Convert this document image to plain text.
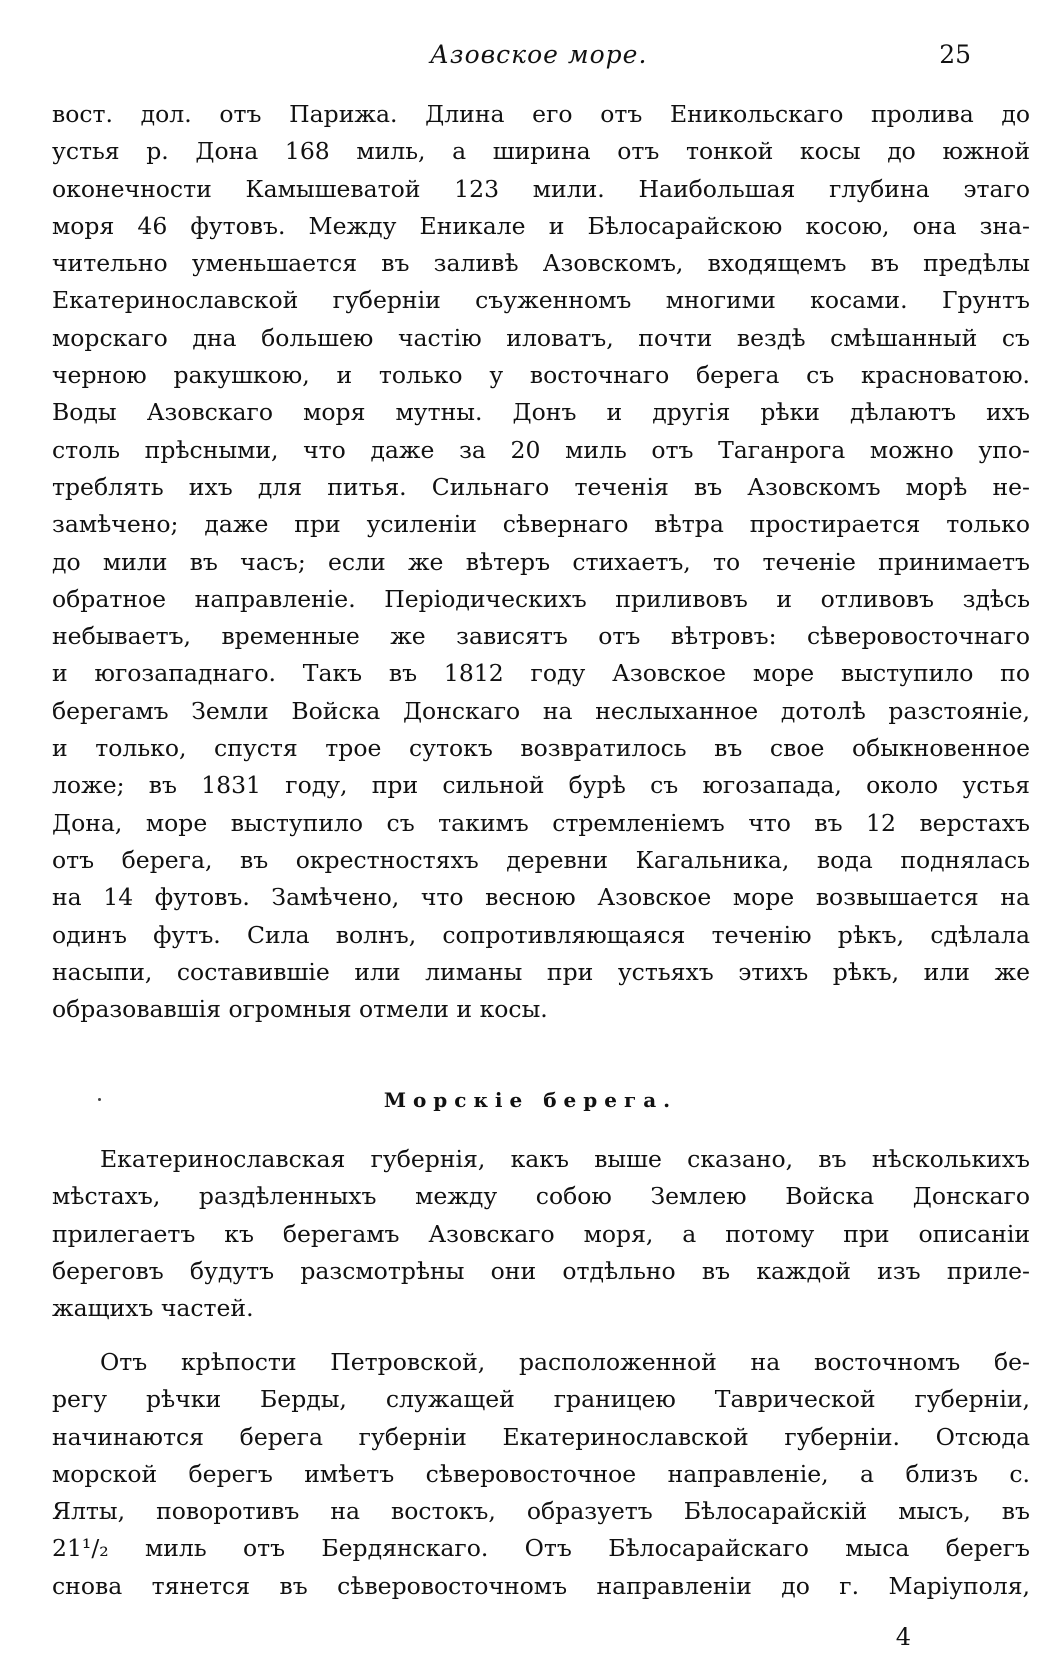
Азовское море.	25
вост. дол. отъ Парижа. Длина его отъ Еникольскаго пролива до
устья р. Дона 168 миль, а ширина отъ тонкой косы до южной
оконечности Камышеватой 123 мили. Наибольшая глубина этаго
моря 46 футовъ. Между Еникале и Бѣлосарайскою косою, она зна-
чительно уменьшается въ заливѣ Азовскомъ, входящемъ въ предѣлы
Екатеринославской губерніи съуженномъ многими косами. Грунтъ
морскаго дна большею частію иловатъ, почти вездѣ смѣшанный съ
черною ракушкою, и только у восточнаго берега съ красноватою.
Воды Азовскаго моря мутны. Донъ и другія рѣки дѣлаютъ ихъ
столь прѣсными, что даже за 20 миль отъ Таганрога можно упо-
треблять ихъ для питья. Сильнаго теченія въ Азовскомъ морѣ не-
замѣчено; даже при усиленіи сѣвернаго вѣтра простирается только
до мили въ часъ; если же вѣтеръ стихаетъ, то теченіе принимаетъ
обратное направленіе. Періодическихъ приливовъ и отливовъ здѣсь
небываетъ, временные же зависятъ отъ вѣтровъ: сѣверовосточнаго
и югозападнаго. Такъ въ 1812 году Азовское море выступило по
берегамъ Земли Войска Донскаго на неслыханное дотолѣ разстояніе,
и только, спустя трое сутокъ возвратилось въ свое обыкновенное
ложе; въ 1831 году, при сильной бурѣ съ югозапада, около устья
Дона, море выступило съ такимъ стремленіемъ что въ 12 верстахъ
отъ берега, въ окрестностяхъ деревни Кагальника, вода поднялась
на 14 футовъ. Замѣчено, что весною Азовское море возвышается на
одинъ футъ. Сила волнъ, сопротивляющаяся теченію рѣкъ, сдѣлала
насыпи, составившіе или лиманы при устьяхъ этихъ рѣкъ, или же
образовавшія огромныя отмели и косы.
Морскіе берега.
Екатеринославская губернія, какъ выше сказано, въ нѣсколькихъ
мѣстахъ, раздѣленныхъ между собою Землею Войска Донскаго
прилегаетъ къ берегамъ Азовскаго моря, а потому при описаніи
береговъ будутъ разсмотрѣны они отдѣльно въ каждой изъ приле-
жащихъ частей.
Отъ крѣпости Петровской, расположенной на восточномъ бе-
регу рѣчки Берды, служащей границею Таврической губерніи,
начинаются берега губерніи Екатеринославской губерніи. Отсюда
морской берегъ имѣетъ сѣверовосточное направленіе, а близъ с.
Ялты, поворотивъ на востокъ, образуетъ Бѣлосарайскій мысъ, въ
21¹/₂ миль отъ Бердянскаго. Отъ Бѣлосарайскаго мыса берегъ
снова тянется въ сѣверовосточномъ направленіи до г. Маріуполя,
4
